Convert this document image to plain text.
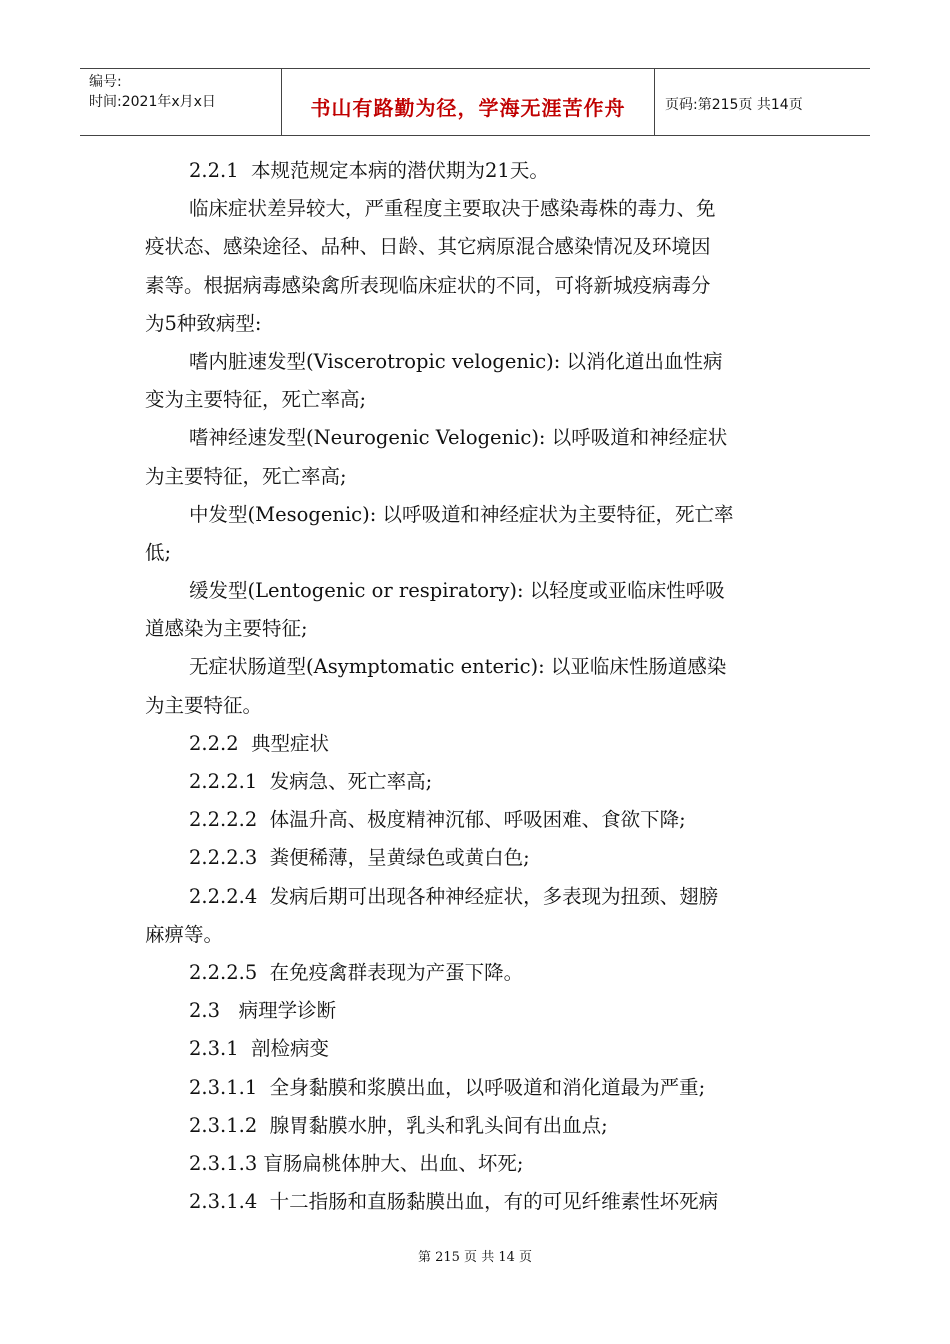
编号:
时间:2021年x月x日	书山有路勤为径，学海无涯苦作舟	页码:第215页 共14页
2.2.1  本规范规定本病的潜伏期为21天。
临床症状差异较大，严重程度主要取决于感染毒株的毒力、免
疫状态、感染途径、品种、日龄、其它病原混合感染情况及环境因
素等。根据病毒感染禽所表现临床症状的不同，可将新城疫病毒分
为5种致病型:
嗜内脏速发型(Viscerotropic velogenic): 以消化道出血性病
变为主要特征，死亡率高;
嗜神经速发型(Neurogenic Velogenic): 以呼吸道和神经症状
为主要特征，死亡率高;
中发型(Mesogenic): 以呼吸道和神经症状为主要特征，死亡率
低;
缓发型(Lentogenic or respiratory): 以轻度或亚临床性呼吸
道感染为主要特征;
无症状肠道型(Asymptomatic enteric): 以亚临床性肠道感染
为主要特征。
2.2.2  典型症状
2.2.2.1  发病急、死亡率高;
2.2.2.2  体温升高、极度精神沉郁、呼吸困难、食欲下降;
2.2.2.3  粪便稀薄，呈黄绿色或黄白色;
2.2.2.4  发病后期可出现各种神经症状，多表现为扭颈、翅膀
麻痹等。
2.2.2.5  在免疫禽群表现为产蛋下降。
2.3   病理学诊断
2.3.1  剖检病变
2.3.1.1  全身黏膜和浆膜出血，以呼吸道和消化道最为严重;
2.3.1.2  腺胃黏膜水肿，乳头和乳头间有出血点;
2.3.1.3 盲肠扁桃体肿大、出血、坏死;
2.3.1.4  十二指肠和直肠黏膜出血，有的可见纤维素性坏死病
第 215 页 共 14 页
